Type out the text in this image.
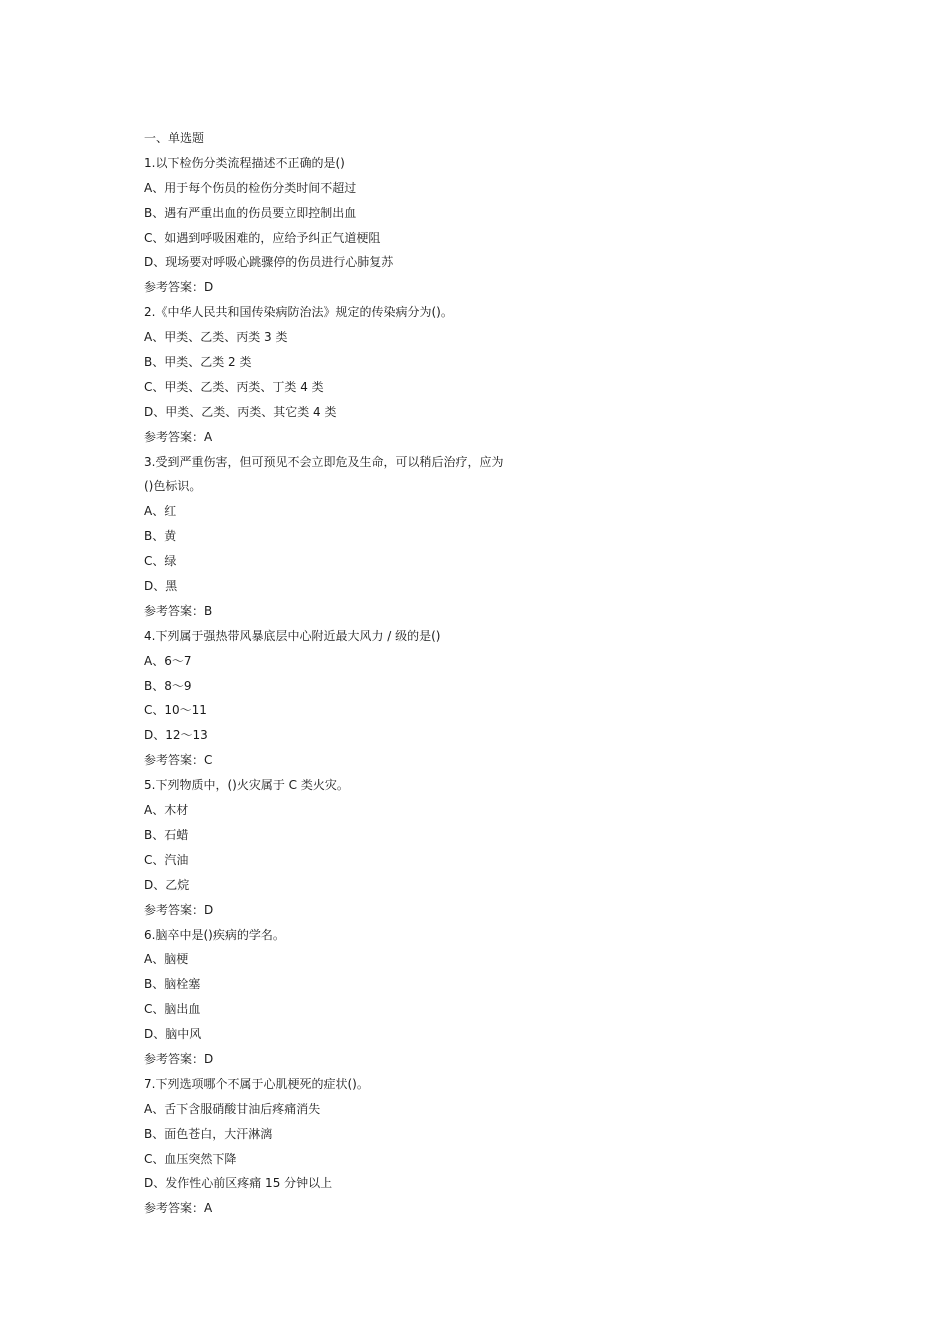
一、单选题
1.以下检伤分类流程描述不正确的是()
A、用于每个伤员的检伤分类时间不超过
B、遇有严重出血的伤员要立即控制出血
C、如遇到呼吸困难的，应给予纠正气道梗阻
D、现场要对呼吸心跳骤停的伤员进行心肺复苏
参考答案：D
2.《中华人民共和国传染病防治法》规定的传染病分为()。
A、甲类、乙类、丙类 3 类
B、甲类、乙类 2 类
C、甲类、乙类、丙类、丁类 4 类
D、甲类、乙类、丙类、其它类 4 类
参考答案：A
3.受到严重伤害，但可预见不会立即危及生命，可以稍后治疗，应为
()色标识。
A、红
B、黄
C、绿
D、黑
参考答案：B
4.下列属于强热带风暴底层中心附近最大风力 / 级的是()
A、6～7
B、8～9
C、10～11
D、12～13
参考答案：C
5.下列物质中，()火灾属于 C 类火灾。
A、木材
B、石蜡
C、汽油
D、乙烷
参考答案：D
6.脑卒中是()疾病的学名。
A、脑梗
B、脑栓塞
C、脑出血
D、脑中风
参考答案：D
7.下列选项哪个不属于心肌梗死的症状()。
A、舌下含服硝酸甘油后疼痛消失
B、面色苍白，大汗淋漓
C、血压突然下降
D、发作性心前区疼痛 15 分钟以上
参考答案：A
